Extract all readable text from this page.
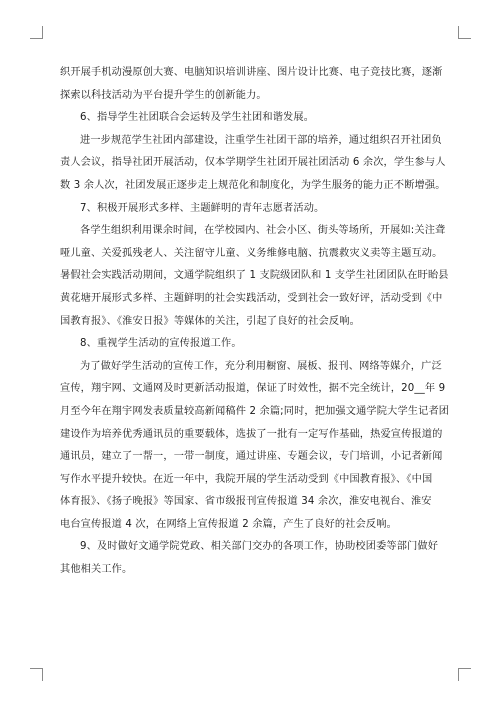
织开展手机动漫原创大赛、电脑知识培训讲座、图片设计比赛、电子竞技比赛，逐渐
探索以科技活动为平台提升学生的创新能力。
6、指导学生社团联合会运转及学生社团和谐发展。
进一步规范学生社团内部建设，注重学生社团干部的培养，通过组织召开社团负
责人会议，指导社团开展活动，仅本学期学生社团开展社团活动 6 余次，学生参与人
数 3 余人次，社团发展正逐步走上规范化和制度化，为学生服务的能力正不断增强。
7、积极开展形式多样、主题鲜明的青年志愿者活动。
各学生组织利用课余时间，在学校园内、社会小区、街头等场所，开展如:关注聋
哑儿童、关爱孤残老人、关注留守儿童、义务维修电脑、抗震救灾义卖等主题互动。
暑假社会实践活动期间，文通学院组织了 1 支院级团队和 1 支学生社团团队在盱眙县
黄花塘开展形式多样、主题鲜明的社会实践活动，受到社会一致好评，活动受到《中
国教育报》、《淮安日报》等媒体的关注，引起了良好的社会反响。
8、重视学生活动的宣传报道工作。
为了做好学生活动的宣传工作，充分利用橱窗、展板、报刊、网络等媒介，广泛
宣传，翔宇网、文通网及时更新活动报道，保证了时效性，据不完全统计，20__年 9
月至今年在翔宇网发表质量较高新闻稿件 2 余篇;同时，把加强文通学院大学生记者团
建设作为培养优秀通讯员的重要载体，选拔了一批有一定写作基础，热爱宣传报道的
通讯员，建立了一帮一，一带一制度，通过讲座、专题会议，专门培训，小记者新闻
写作水平提升较快。在近一年中，我院开展的学生活动受到《中国教育报》、《中国
体育报》、《扬子晚报》等国家、省市级报刊宣传报道 34 余次，淮安电视台、淮安
电台宣传报道 4 次，在网络上宣传报道 2 余篇，产生了良好的社会反响。
9、及时做好文通学院党政、相关部门交办的各项工作，协助校团委等部门做好
其他相关工作。
